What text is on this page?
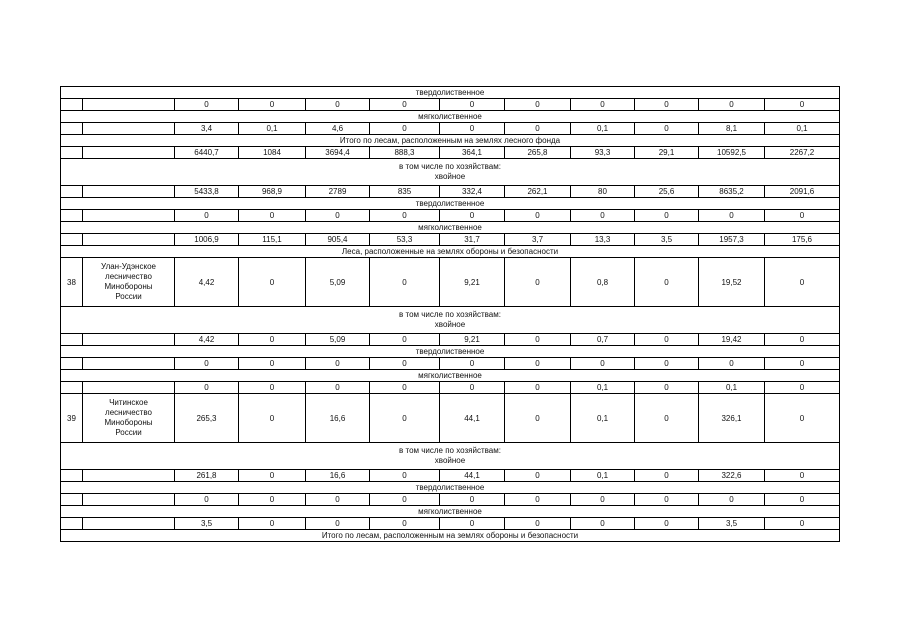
твердолиственное											
		0	0	0	0	0	0	0	0	0	0
мягколиственное											
		3,4	0,1	4,6	0	0	0	0,1	0	8,1	0,1
Итого по лесам, расположенным на землях лесного фонда											
		6440,7	1084	3694,4	888,3	364,1	265,8	93,3	29,1	10592,5	2267,2

в том числе по хозяйствам:
хвойное											

		5433,8	968,9	2789	835	332,4	262,1	80	25,6	8635,2	2091,6
твердолиственное											
		0	0	0	0	0	0	0	0	0	0
мягколиственное											
		1006,9	115,1	905,4	53,3	31,7	3,7	13,3	3,5	1957,3	175,6
Леса, расположенные на землях обороны и безопасности											
38	Улан-Удэнское
лесничество
Минобороны
России	4,42	0	5,09	0	9,21	0	0,8	0	19,52	0

в том числе по хозяйствам:
хвойное											

		4,42	0	5,09	0	9,21	0	0,7	0	19,42	0
твердолиственное											
		0	0	0	0	0	0	0	0	0	0
мягколиственное											
		0	0	0	0	0	0	0,1	0	0,1	0
39	Читинское
лесничество
Минобороны
России	265,3	0	16,6	0	44,1	0	0,1	0	326,1	0

в том числе по хозяйствам:
хвойное											

		261,8	0	16,6	0	44,1	0	0,1	0	322,6	0
твердолиственное											
		0	0	0	0	0	0	0	0	0	0
мягколиственное											
		3,5	0	0	0	0	0	0	0	3,5	0
Итого по лесам, расположенным на землях обороны и безопасности											
